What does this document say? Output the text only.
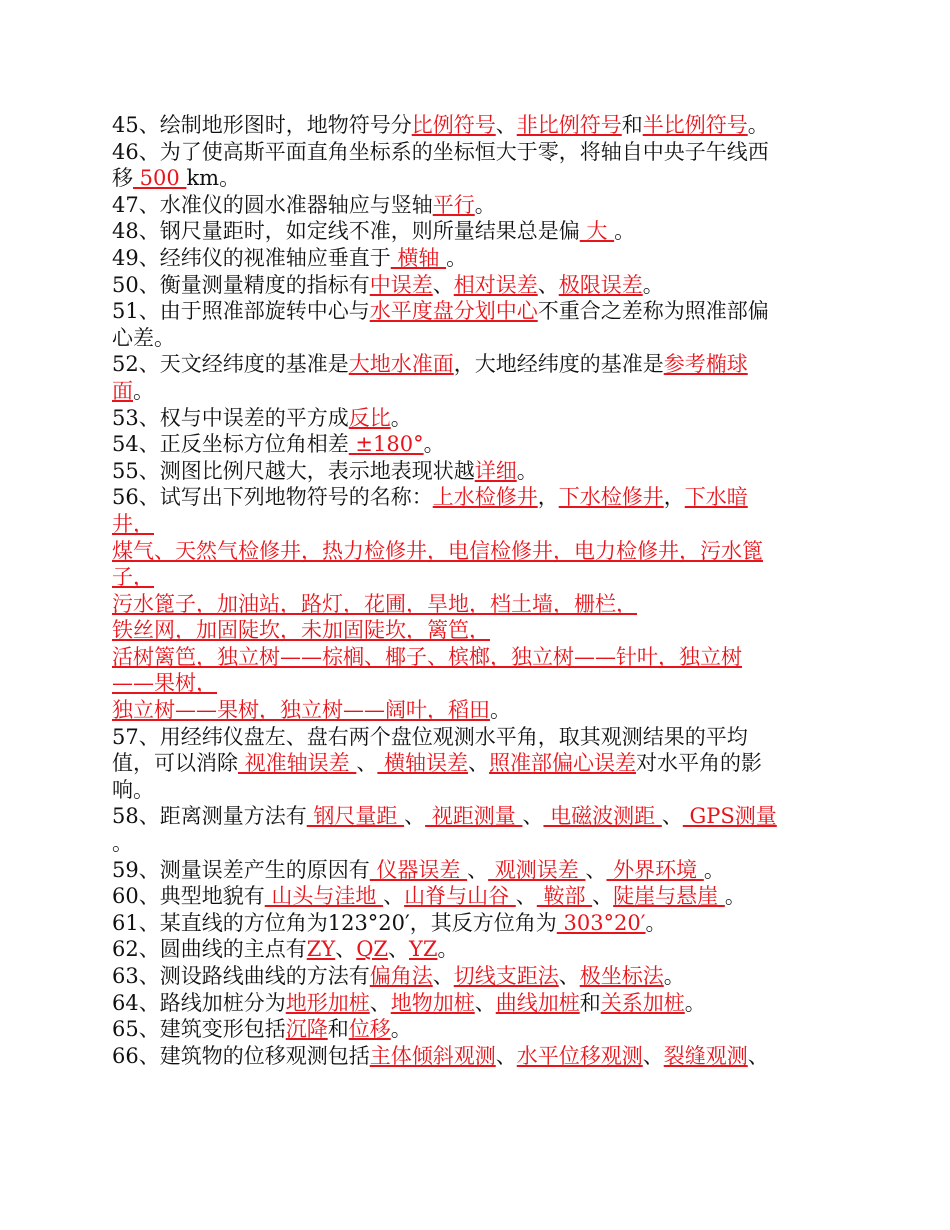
45、绘制地形图时，地物符号分比例符号、非比例符号和半比例符号。
46、为了使高斯平面直角坐标系的坐标恒大于零，将轴自中央子午线西
移 500 km。
47、水准仪的圆水准器轴应与竖轴平行。
48、钢尺量距时，如定线不准，则所量结果总是偏 大 。
49、经纬仪的视准轴应垂直于 横轴 。
50、衡量测量精度的指标有中误差、相对误差、极限误差。
51、由于照准部旋转中心与水平度盘分划中心不重合之差称为照准部偏
心差。
52、天文经纬度的基准是大地水准面，大地经纬度的基准是参考椭球
面。
53、权与中误差的平方成反比。
54、正反坐标方位角相差 ±180°。
55、测图比例尺越大，表示地表现状越详细。
56、试写出下列地物符号的名称：上水检修井，下水检修井，下水暗
井，
煤气、天然气检修井，热力检修井，电信检修井，电力检修井，污水篦
子，
污水篦子，加油站，路灯，花圃，旱地，档土墙，栅栏，
铁丝网，加固陡坎，未加固陡坎，篱笆，
活树篱笆，独立树——棕榈、椰子、槟榔，独立树——针叶，独立树
——果树，
独立树——果树，独立树——阔叶，稻田。
57、用经纬仪盘左、盘右两个盘位观测水平角，取其观测结果的平均
值，可以消除 视准轴误差 、 横轴误差、照准部偏心误差对水平角的影
响。
58、距离测量方法有 钢尺量距 、 视距测量 、 电磁波测距 、 GPS测量
。
59、测量误差产生的原因有 仪器误差 、 观测误差 、 外界环境 。
60、典型地貌有 山头与洼地 、山脊与山谷 、 鞍部 、陡崖与悬崖 。
61、某直线的方位角为123°20′，其反方位角为 303°20′。
62、圆曲线的主点有ZY、QZ、YZ。
63、测设路线曲线的方法有偏角法、切线支距法、极坐标法。
64、路线加桩分为地形加桩、地物加桩、曲线加桩和关系加桩。
65、建筑变形包括沉降和位移。
66、建筑物的位移观测包括主体倾斜观测、水平位移观测、裂缝观测、
